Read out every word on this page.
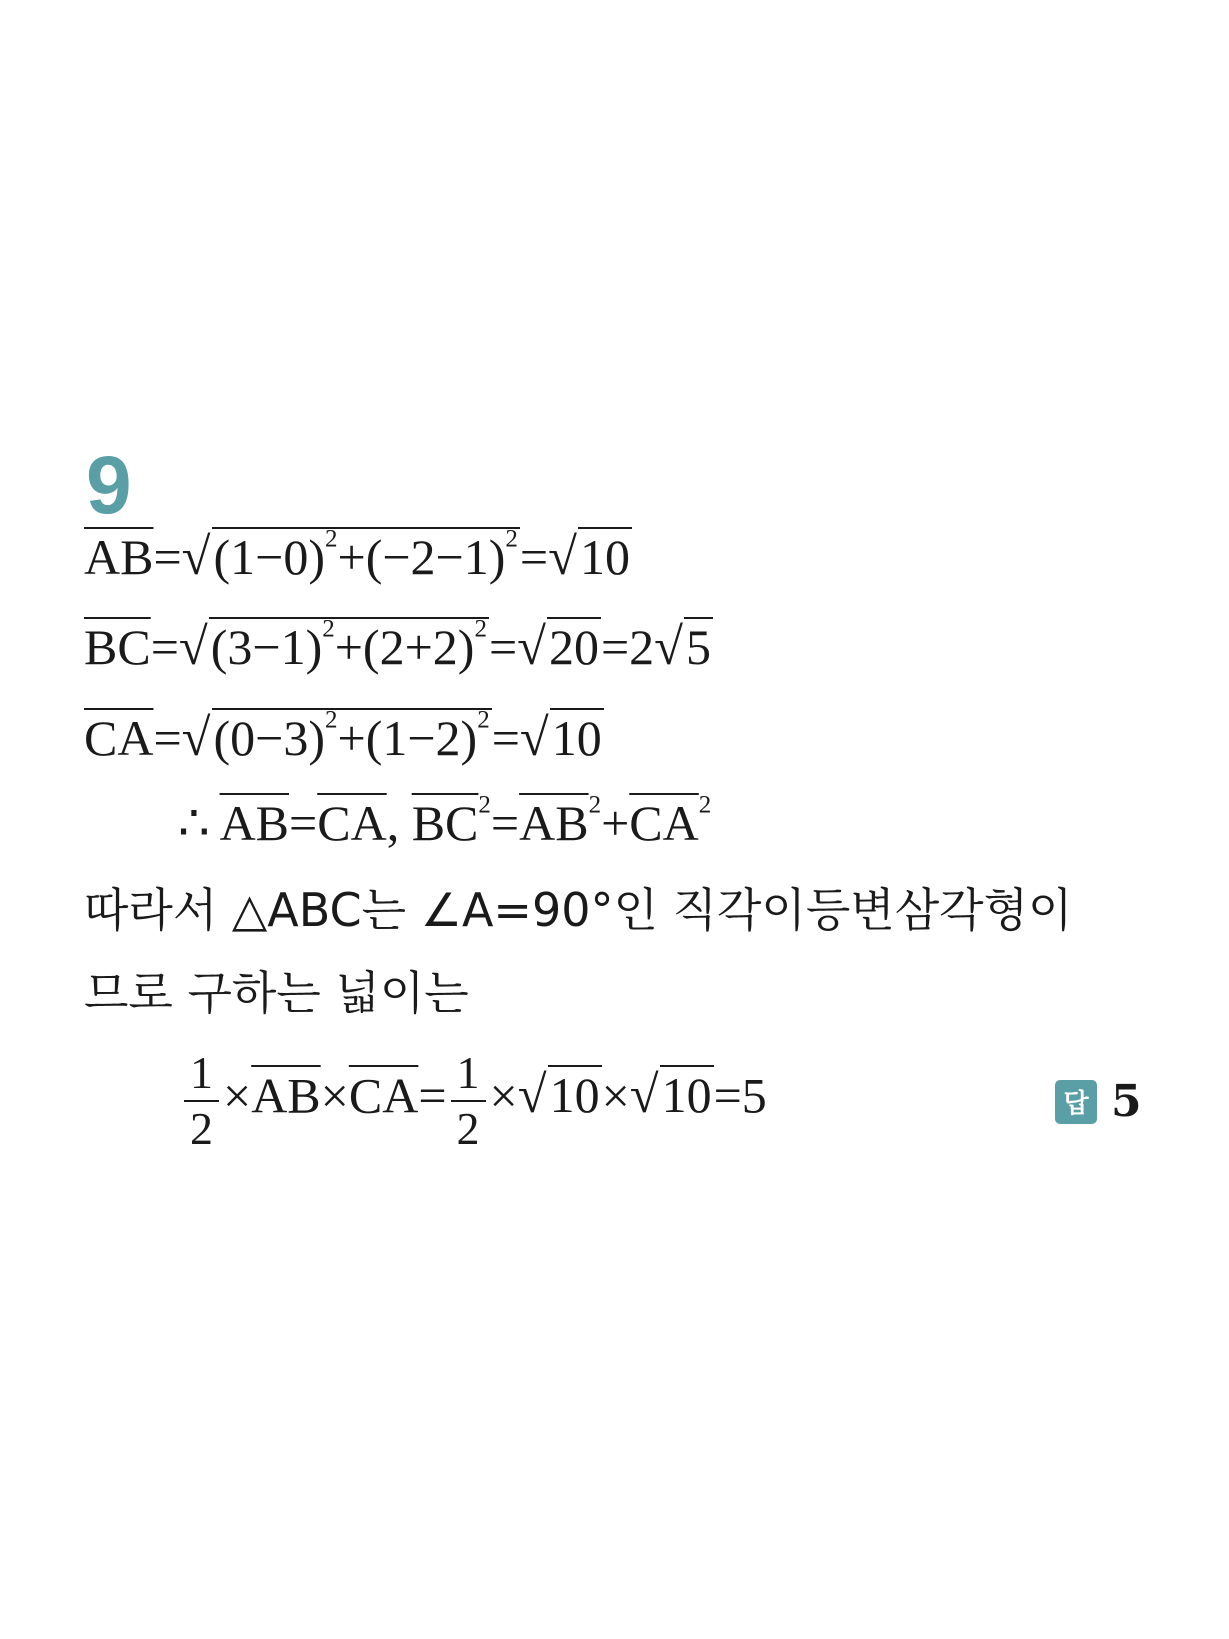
9
$\overline{AB}=$ √ $(1-0)^2+(-2-1)^2$ = √ 10
$\overline{BC}=$ √ $(3-1)^2+(2+2)^2$ = √ 20 =2 √ 5
$\overline{CA}=$ √ $(0-3)^2+(1-2)^2$ = √ 10
∴ $\overline{AB}=\overline{CA}$, $\overline{BC}^2=\overline{AB}^2+\overline{CA}^2$
따라서 △ABC는 ∠A=90°인 직각이등변삼각형이
므로 구하는 넓이는
$\frac{1}{2} \times\overline{AB}\times\overline{CA}= \frac{1}{2}$ × √ 10 × √ 10 =5	답 5
